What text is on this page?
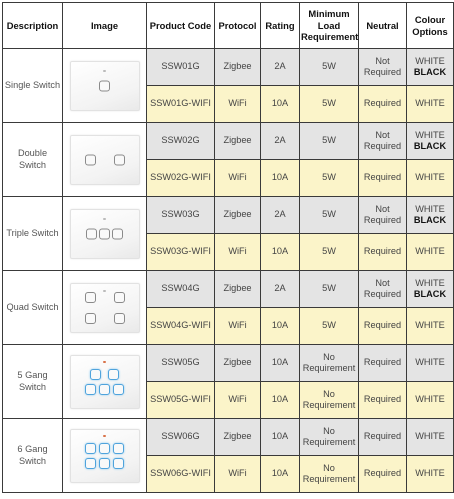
Description	Image	Product Code	Protocol	Rating	Minimum Load Requirement	Neutral	Colour Options
Single Switch		SSW01G	Zigbee	2A	5W	Not Required	WHITE
BLACK
		SSW01G-WIFI	WiFi	10A	5W	Required	WHITE
Double Switch		SSW02G	Zigbee	2A	5W	Not Required	WHITE
BLACK
		SSW02G-WIFI	WiFi	10A	5W	Required	WHITE
Triple Switch		SSW03G	Zigbee	2A	5W	Not Required	WHITE
BLACK
		SSW03G-WIFI	WiFi	10A	5W	Required	WHITE
Quad Switch		SSW04G	Zigbee	2A	5W	Not Required	WHITE
BLACK
		SSW04G-WIFI	WiFi	10A	5W	Required	WHITE
5 Gang Switch		SSW05G	Zigbee	10A	No Requirement	Required	WHITE
		SSW05G-WIFI	WiFi	10A	No Requirement	Required	WHITE
6 Gang Switch		SSW06G	Zigbee	10A	No Requirement	Required	WHITE
		SSW06G-WIFI	WiFi	10A	No Requirement	Required	WHITE
